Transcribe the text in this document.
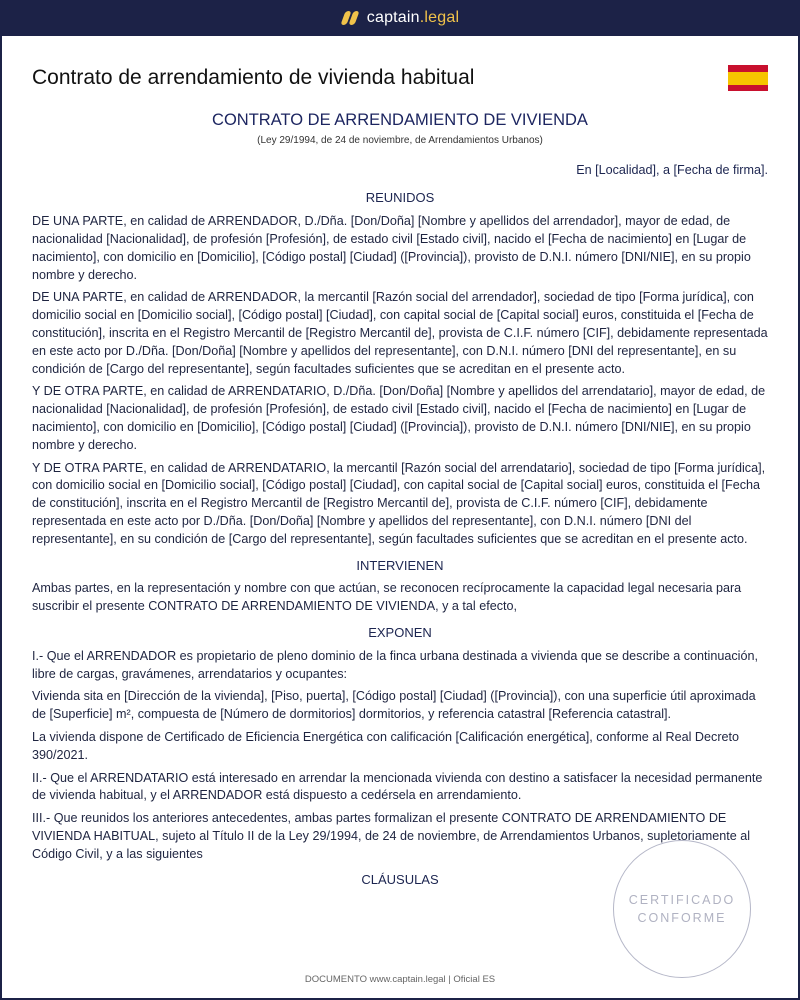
captain.legal
Contrato de arrendamiento de vivienda habitual
CONTRATO DE ARRENDAMIENTO DE VIVIENDA
(Ley 29/1994, de 24 de noviembre, de Arrendamientos Urbanos)
En [Localidad], a [Fecha de firma].
REUNIDOS

DE UNA PARTE, en calidad de ARRENDADOR, D./Dña. [Don/Doña] [Nombre y apellidos del arrendador], mayor de edad, de nacionalidad [Nacionalidad], de profesión [Profesión], de estado civil [Estado civil], nacido el [Fecha de nacimiento] en [Lugar de nacimiento], con domicilio en [Domicilio], [Código postal] [Ciudad] ([Provincia]), provisto de D.N.I. número [DNI/NIE], en su propio nombre y derecho.

DE UNA PARTE, en calidad de ARRENDADOR, la mercantil [Razón social del arrendador], sociedad de tipo [Forma jurídica], con domicilio social en [Domicilio social], [Código postal] [Ciudad], con capital social de [Capital social] euros, constituida el [Fecha de constitución], inscrita en el Registro Mercantil de [Registro Mercantil de], provista de C.I.F. número [CIF], debidamente representada en este acto por D./Dña. [Don/Doña] [Nombre y apellidos del representante], con D.N.I. número [DNI del representante], en su condición de [Cargo del representante], según facultades suficientes que se acreditan en el presente acto.

Y DE OTRA PARTE, en calidad de ARRENDATARIO, D./Dña. [Don/Doña] [Nombre y apellidos del arrendatario], mayor de edad, de nacionalidad [Nacionalidad], de profesión [Profesión], de estado civil [Estado civil], nacido el [Fecha de nacimiento] en [Lugar de nacimiento], con domicilio en [Domicilio], [Código postal] [Ciudad] ([Provincia]), provisto de D.N.I. número [DNI/NIE], en su propio nombre y derecho.

Y DE OTRA PARTE, en calidad de ARRENDATARIO, la mercantil [Razón social del arrendatario], sociedad de tipo [Forma jurídica], con domicilio social en [Domicilio social], [Código postal] [Ciudad], con capital social de [Capital social] euros, constituida el [Fecha de constitución], inscrita en el Registro Mercantil de [Registro Mercantil de], provista de C.I.F. número [CIF], debidamente representada en este acto por D./Dña. [Don/Doña] [Nombre y apellidos del representante], con D.N.I. número [DNI del representante], en su condición de [Cargo del representante], según facultades suficientes que se acreditan en el presente acto.

INTERVIENEN

Ambas partes, en la representación y nombre con que actúan, se reconocen recíprocamente la capacidad legal necesaria para suscribir el presente CONTRATO DE ARRENDAMIENTO DE VIVIENDA, y a tal efecto,

EXPONEN

I.- Que el ARRENDADOR es propietario de pleno dominio de la finca urbana destinada a vivienda que se describe a continuación, libre de cargas, gravámenes, arrendatarios y ocupantes:

Vivienda sita en [Dirección de la vivienda], [Piso, puerta], [Código postal] [Ciudad] ([Provincia]), con una superficie útil aproximada de [Superficie] m², compuesta de [Número de dormitorios] dormitorios, y referencia catastral [Referencia catastral].

La vivienda dispone de Certificado de Eficiencia Energética con calificación [Calificación energética], conforme al Real Decreto 390/2021.

II.- Que el ARRENDATARIO está interesado en arrendar la mencionada vivienda con destino a satisfacer la necesidad permanente de vivienda habitual, y el ARRENDADOR está dispuesto a cedérsela en arrendamiento.

III.- Que reunidos los anteriores antecedentes, ambas partes formalizan el presente CONTRATO DE ARRENDAMIENTO DE VIVIENDA HABITUAL, sujeto al Título II de la Ley 29/1994, de 24 de noviembre, de Arrendamientos Urbanos, supletoriamente al Código Civil, y a las siguientes

CLÁUSULAS
CERTIFICADO
CONFORME
DOCUMENTO www.captain.legal | Oficial ES
